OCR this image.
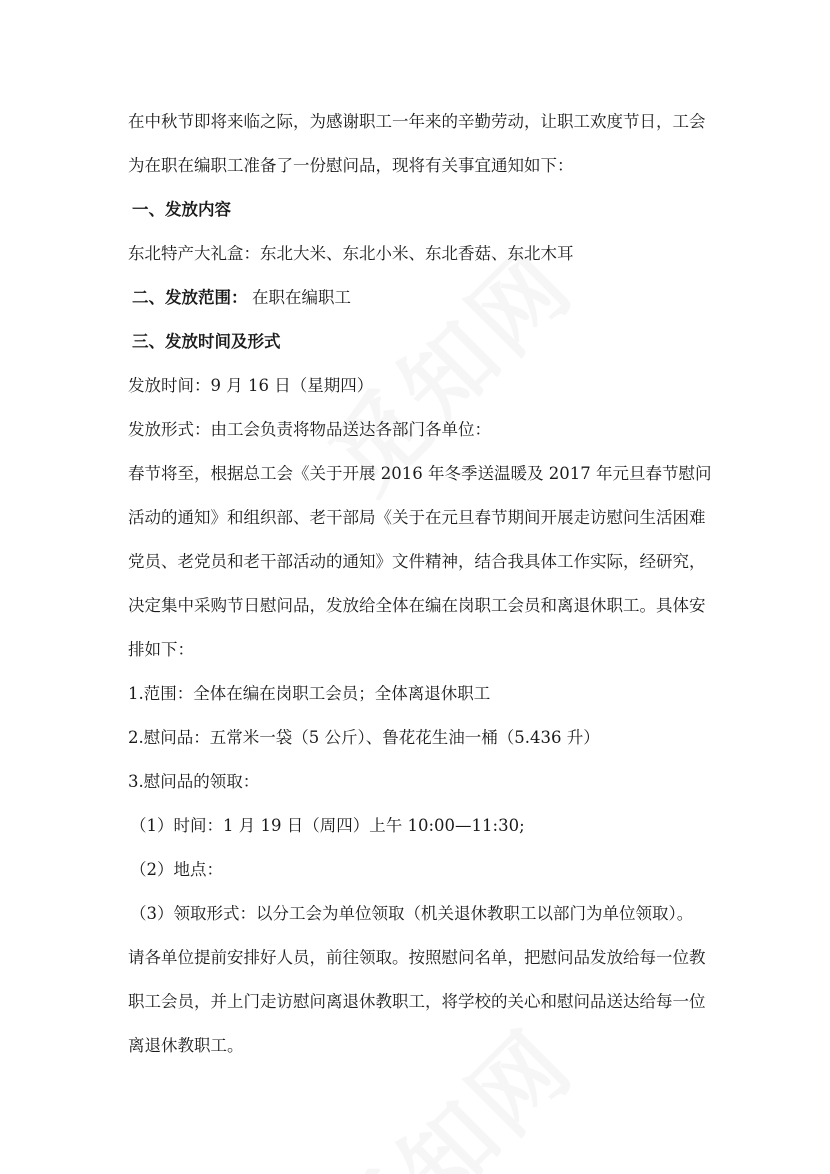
在中秋节即将来临之际，为感谢职工一年来的辛勤劳动，让职工欢度节日，工会
为在职在编职工准备了一份慰问品，现将有关事宜通知如下：
一、发放内容
东北特产大礼盒：东北大米、东北小米、东北香菇、东北木耳
二、发放范围： 在职在编职工
三、发放时间及形式
发放时间：9 月 16 日（星期四）
发放形式：由工会负责将物品送达各部门各单位：
春节将至，根据总工会《关于开展 2016 年冬季送温暖及 2017 年元旦春节慰问
活动的通知》和组织部、老干部局《关于在元旦春节期间开展走访慰问生活困难
党员、老党员和老干部活动的通知》文件精神，结合我具体工作实际，经研究，
决定集中采购节日慰问品，发放给全体在编在岗职工会员和离退休职工。具体安
排如下：
1.范围：全体在编在岗职工会员；全体离退休职工
2.慰问品：五常米一袋（5 公斤）、鲁花花生油一桶（5.436 升）
3.慰问品的领取：
（1）时间：1 月 19 日（周四）上午 10:00—11:30;
（2）地点：
（3）领取形式：以分工会为单位领取（机关退休教职工以部门为单位领取）。
请各单位提前安排好人员，前往领取。按照慰问名单，把慰问品发放给每一位教
职工会员，并上门走访慰问离退休教职工，将学校的关心和慰问品送达给每一位
离退休教职工。
